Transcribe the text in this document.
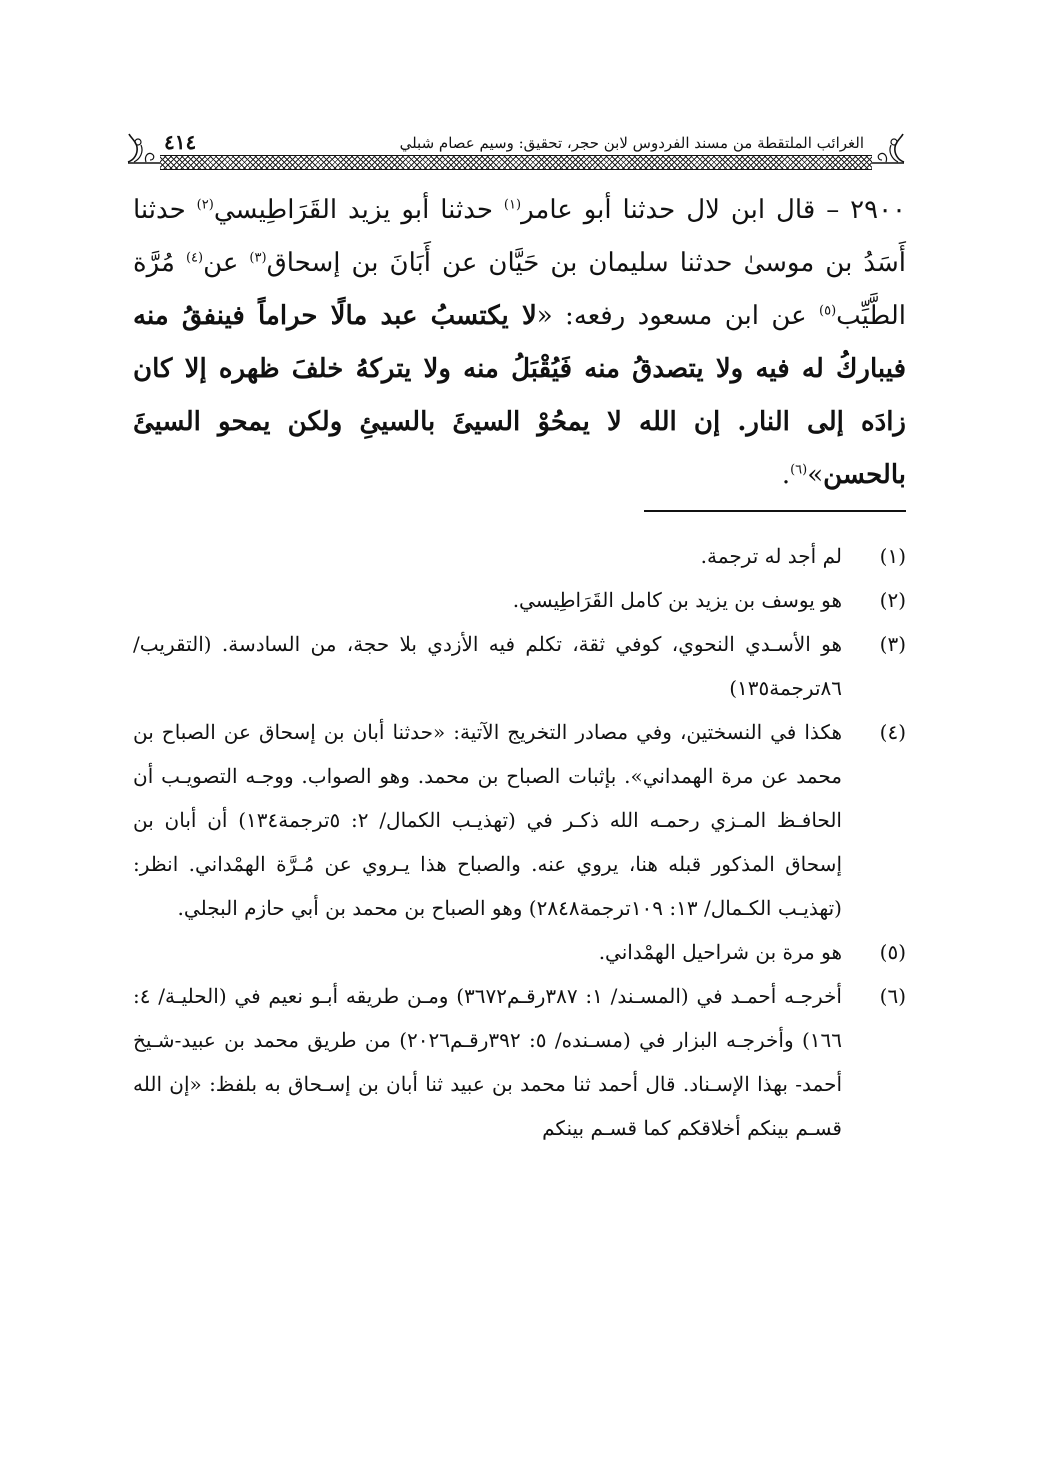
الغرائب الملتقطة من مسند الفردوس لابن حجر، تحقيق: وسيم عصام شبلي
٤١٤
٢٩٠٠ – قال ابن لال حدثنا أبو عامر$^{(١)}$ حدثنا أبو يزيد القَرَاطِيسي$^{(٢)}$ حدثنا أَسَدُ بن موسىٰ حدثنا سليمان بن حَيَّان عن أَبَانَ بن إسحاق$^{(٣)}$ عن$^{(٤)}$ مُرَّة الطَّيِّب$^{(٥)}$ عن ابن مسعود رفعه: «لا يكتسبُ عبد مالًا حراماً فينفقُ منه فيباركُ له فيه ولا يتصدقُ منه فَيُقْبَلُ منه ولا يتركهُ خلفَ ظهره إلا كان زادَه إلى النار. إن الله لا يمحُوْ السيئَ بالسيئِ ولكن يمحو السيئَ بالحسن»$^{(٦)}$.
(١)
لم أجد له ترجمة.
(٢)
هو يوسف بن يزيد بن كامل القَرَاطِيسي.
(٣)
هو الأسـدي النحوي، كوفي ثقة، تكلم فيه الأزدي بلا حجة، من السادسة. (التقريب/ ٨٦ترجمة١٣٥)
(٤)
هكذا في النسختين، وفي مصادر التخريج الآتية: «حدثنا أبان بن إسحاق عن الصباح بن محمد عن مرة الهمداني». بإثبات الصباح بن محمد. وهو الصواب. ووجـه التصويـب أن الحافـظ المـزي رحمـه الله ذكـر في (تهذيـب الكمال/ ٢: ٥ترجمة١٣٤) أن أبان بن إسحاق المذكور قبله هنا، يروي عنه. والصباح هذا يـروي عن مُـرَّة الهمْداني. انظر: (تهذيـب الكـمال/ ١٣: ١٠٩ترجمة٢٨٤٨) وهو الصباح بن محمد بن أبي حازم البجلي.
(٥)
هو مرة بن شراحيل الهمْداني.
(٦)
أخرجـه أحمـد في (المسـند/ ١: ٣٨٧رقـم٣٦٧٢) ومـن طريقه أبـو نعيم في (الحليـة/ ٤: ١٦٦) وأخرجـه البزار في (مسـنده/ ٥: ٣٩٢رقـم٢٠٢٦) من طريق محمد بن عبيد-شـيخ أحمد- بهذا الإسـناد. قال أحمد ثنا محمد بن عبيد ثنا أبان بن إسـحاق به بلفظ: «إن الله قسـم بينكم أخلاقكم كما قسـم بينكم
